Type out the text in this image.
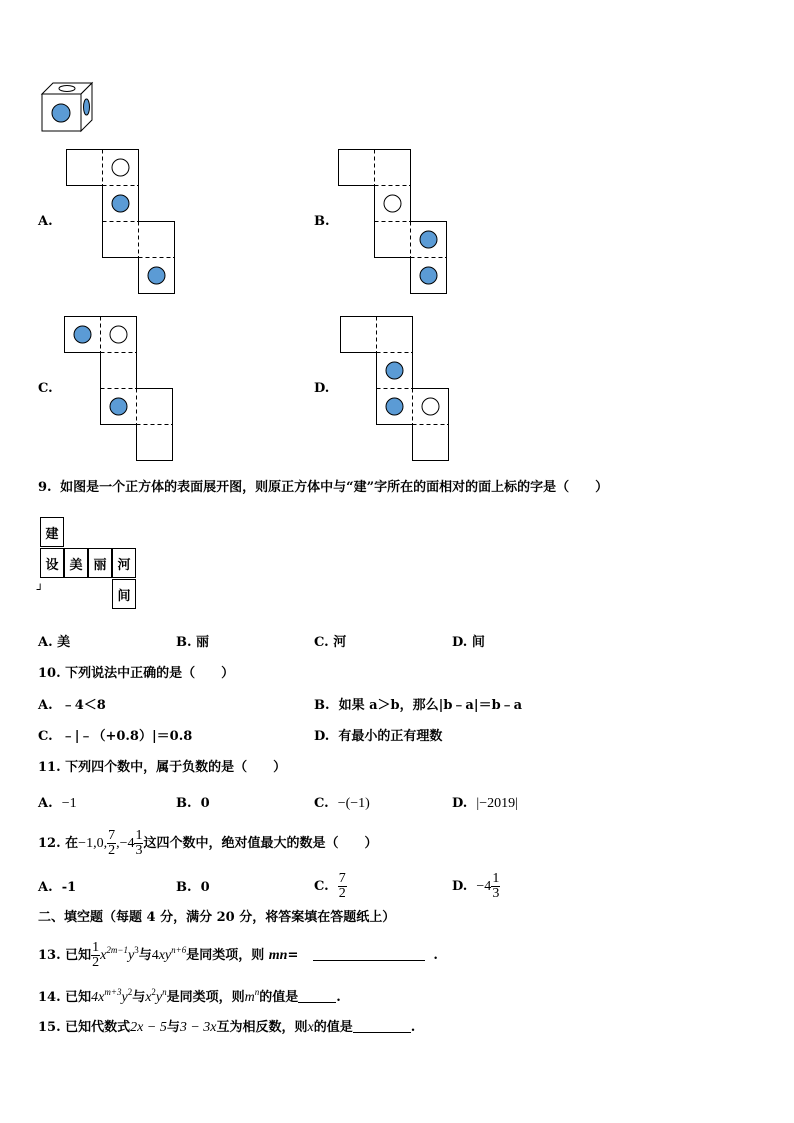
A.	B.
C.	D.
9. 如图是一个正方体的表面展开图，则原正方体中与“建”字所在的面相对的面上标的字是（　　）
建
设 美 丽 河
间
ᒧ
A. 美	B. 丽	C. 河	D. 间
10. 下列说法中正确的是（　　）
A. ﹣4＜8	B. 如果 a＞b，那么|b﹣a|＝b﹣a
C. ﹣|﹣（+0.8）|＝0.8	D. 有最小的正有理数
11. 下列四个数中，属于负数的是（　　）
A. −1	B. 0	C. −(−1)	D. |−2019|
12. 在−1,0, $\frac{7}{2} ,-4 \frac{1}{3}$ 这四个数中，绝对值最大的数是（　　）
A. -1	B. 0	C. $\frac{7}{2}$	D. $-4 \frac{1}{3}$
二、填空题（每题 4 分，满分 20 分，将答案填在答题纸上）
13. 已知 $\frac{1}{2} x^{2m-1}y^3$与$4xy^{n+6}$是同类项，则 mn=	.
14. 已知$4x^{m+3}y^2$与$x^2y^n$是同类项，则$m^n$的值是	.
15. 已知代数式2x − 5与3 − 3x互为相反数，则x的值是	.
